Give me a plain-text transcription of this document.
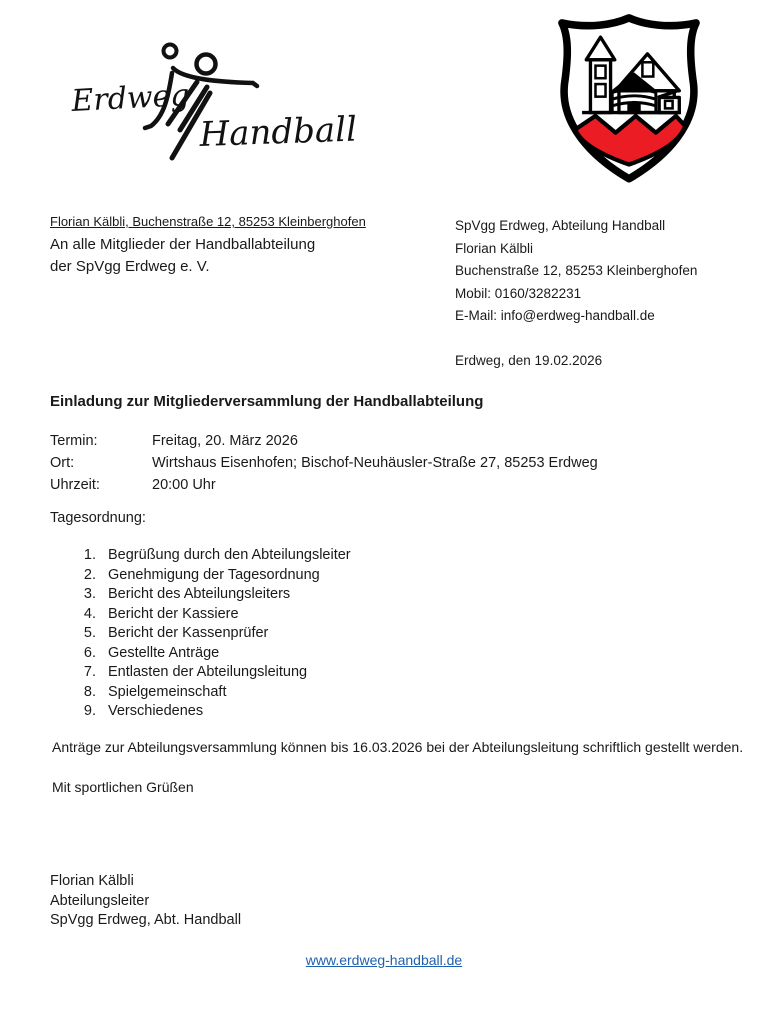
Erdweg
Handball
Florian Kälbli, Buchenstraße 12, 85253 Kleinberghofen
An alle Mitglieder der Handballabteilung
der SpVgg Erdweg e. V.
SpVgg Erdweg, Abteilung Handball
Florian Kälbli
Buchenstraße 12, 85253 Kleinberghofen
Mobil: 0160/3282231
E-Mail: info@erdweg-handball.de
Erdweg, den 19.02.2026
Einladung zur Mitgliederversammlung der Handballabteilung
Termin:	Freitag, 20. März 2026
Ort:	Wirtshaus Eisenhofen; Bischof-Neuhäusler-Straße 27, 85253 Erdweg
Uhrzeit:	20:00 Uhr
Tagesordnung:
1. Begrüßung durch den Abteilungsleiter
2. Genehmigung der Tagesordnung
3. Bericht des Abteilungsleiters
4. Bericht der Kassiere
5. Bericht der Kassenprüfer
6. Gestellte Anträge
7. Entlasten der Abteilungsleitung
8. Spielgemeinschaft
9. Verschiedenes
Anträge zur Abteilungsversammlung können bis 16.03.2026 bei der Abteilungsleitung schriftlich gestellt werden.
Mit sportlichen Grüßen
Florian Kälbli
Abteilungsleiter
SpVgg Erdweg, Abt. Handball
www.erdweg-handball.de
